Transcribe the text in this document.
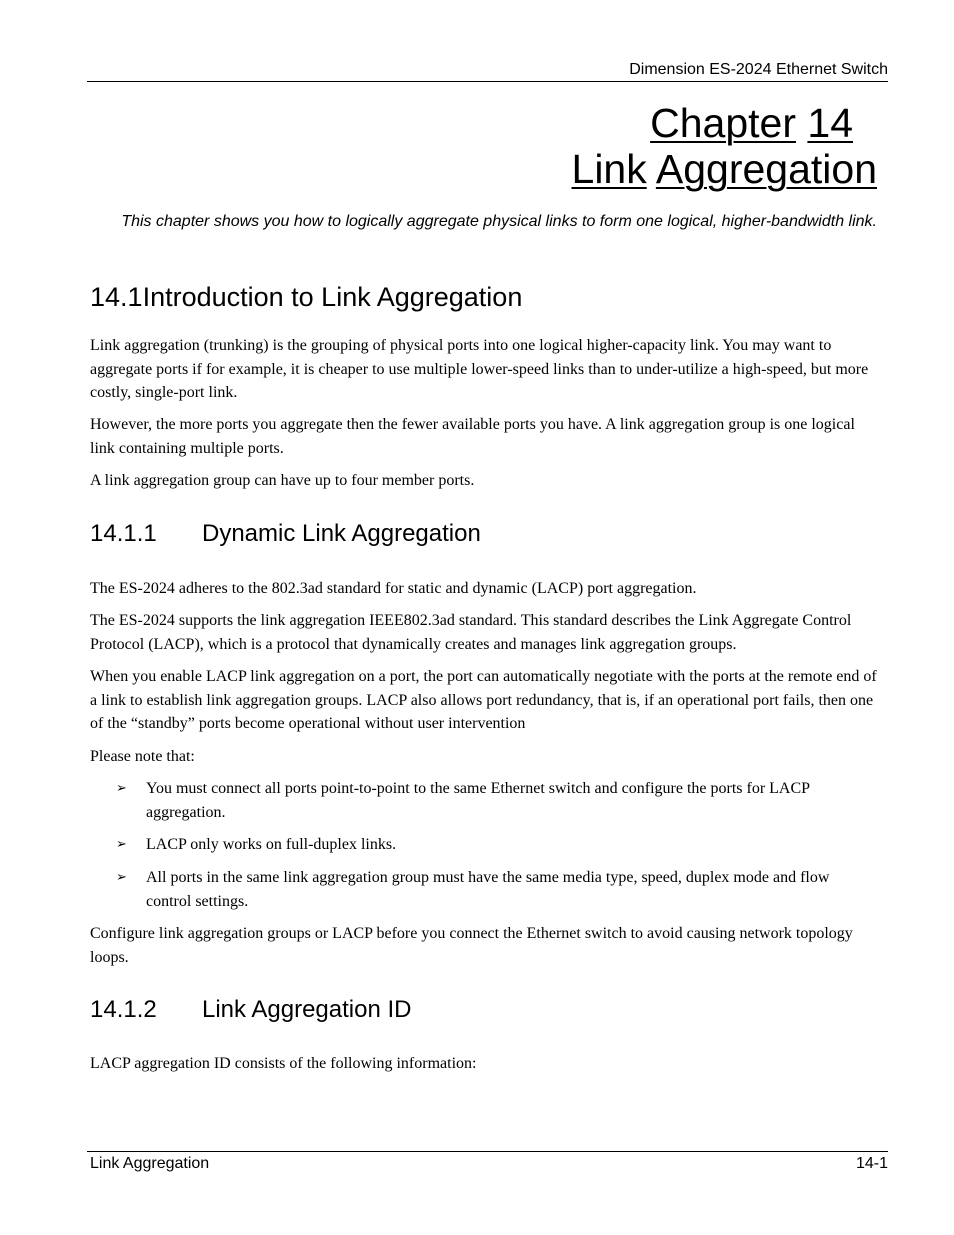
Dimension ES-2024 Ethernet Switch
Chapter 14
Link Aggregation
This chapter shows you how to logically aggregate physical links to form one logical, higher-bandwidth link.
14.1Introduction to Link Aggregation

Link aggregation (trunking) is the grouping of physical ports into one logical higher-capacity link. You may want to aggregate ports if for example, it is cheaper to use multiple lower-speed links than to under-utilize a high-speed, but more costly, single-port link.

However, the more ports you aggregate then the fewer available ports you have. A link aggregation group is one logical link containing multiple ports.

A link aggregation group can have up to four member ports.

14.1.1 Dynamic Link Aggregation

The ES-2024 adheres to the 802.3ad standard for static and dynamic (LACP) port aggregation.

The ES-2024 supports the link aggregation IEEE802.3ad standard. This standard describes the Link Aggregate Control Protocol (LACP), which is a protocol that dynamically creates and manages link aggregation groups.

When you enable LACP link aggregation on a port, the port can automatically negotiate with the ports at the remote end of a link to establish link aggregation groups. LACP also allows port redundancy, that is, if an operational port fails, then one of the “standby” ports become operational without user intervention

Please note that:

➢	You must connect all ports point-to-point to the same Ethernet switch and configure the ports for LACP aggregation.
➢	LACP only works on full-duplex links.
➢	All ports in the same link aggregation group must have the same media type, speed, duplex mode and flow control settings.

Configure link aggregation groups or LACP before you connect the Ethernet switch to avoid causing network topology loops.

14.1.2 Link Aggregation ID

LACP aggregation ID consists of the following information:

Link Aggregation	14-1
